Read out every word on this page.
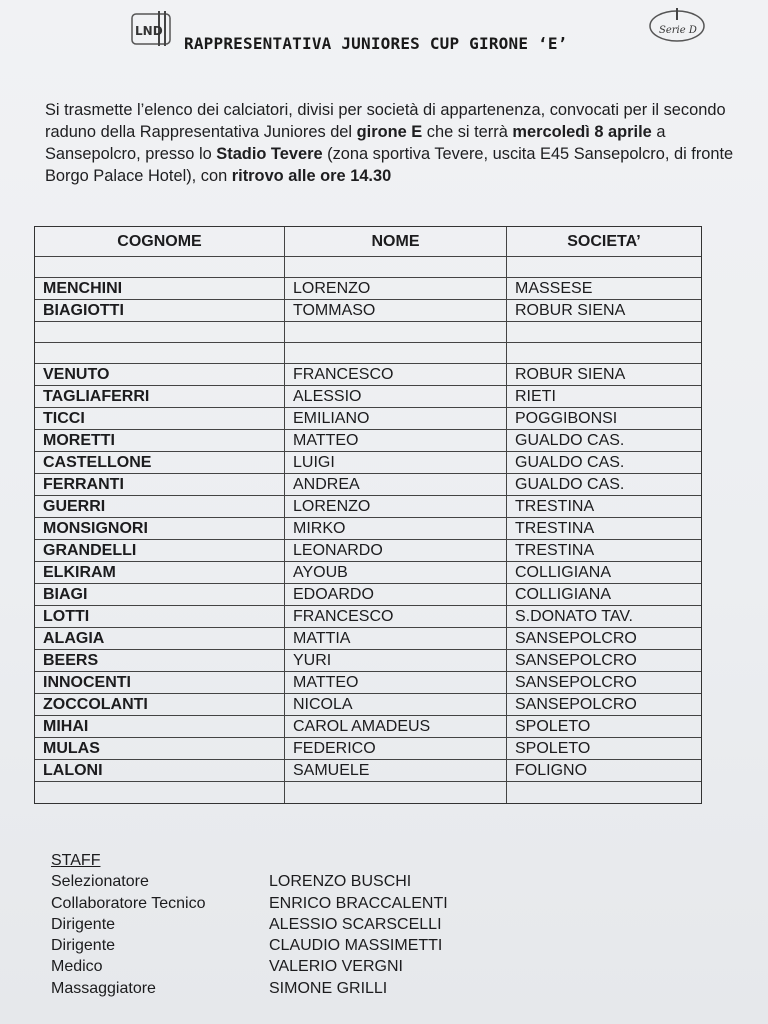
LND	Serie D
RAPPRESENTATIVA JUNIORES CUP GIRONE ‘E’
Si trasmette l’elenco dei calciatori, divisi per società di appartenenza, convocati per il secondo raduno della Rappresentativa Juniores del girone E che si terrà mercoledì 8 aprile a Sansepolcro, presso lo Stadio Tevere (zona sportiva Tevere, uscita E45 Sansepolcro, di fronte Borgo Palace Hotel), con ritrovo alle ore 14.30
COGNOME	NOME	SOCIETA’
MENCHINI	LORENZO	MASSESE
BIAGIOTTI	TOMMASO	ROBUR SIENA
VENUTO	FRANCESCO	ROBUR SIENA
TAGLIAFERRI	ALESSIO	RIETI
TICCI	EMILIANO	POGGIBONSI
MORETTI	MATTEO	GUALDO CAS.
CASTELLONE	LUIGI	GUALDO CAS.
FERRANTI	ANDREA	GUALDO CAS.
GUERRI	LORENZO	TRESTINA
MONSIGNORI	MIRKO	TRESTINA
GRANDELLI	LEONARDO	TRESTINA
ELKIRAM	AYOUB	COLLIGIANA
BIAGI	EDOARDO	COLLIGIANA
LOTTI	FRANCESCO	S.DONATO TAV.
ALAGIA	MATTIA	SANSEPOLCRO
BEERS	YURI	SANSEPOLCRO
INNOCENTI	MATTEO	SANSEPOLCRO
ZOCCOLANTI	NICOLA	SANSEPOLCRO
MIHAI	CAROL AMADEUS	SPOLETO
MULAS	FEDERICO	SPOLETO
LALONI	SAMUELE	FOLIGNO
STAFF
Selezionatore	LORENZO BUSCHI
Collaboratore Tecnico	ENRICO BRACCALENTI
Dirigente	ALESSIO SCARSCELLI
Dirigente	CLAUDIO MASSIMETTI
Medico	VALERIO VERGNI
Massaggiatore	SIMONE GRILLI
